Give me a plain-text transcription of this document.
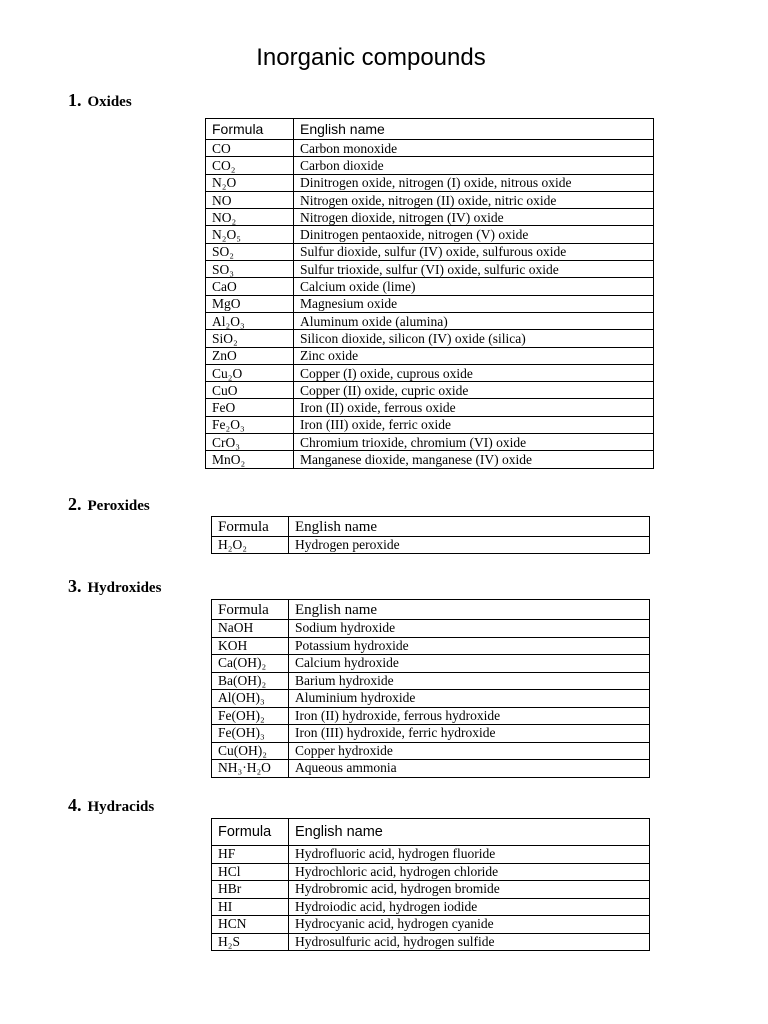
Inorganic compounds
1. Oxides
Formula	English name
CO	Carbon monoxide
CO₂	Carbon dioxide
N₂O	Dinitrogen oxide, nitrogen (I) oxide, nitrous oxide
NO	Nitrogen oxide, nitrogen (II) oxide, nitric oxide
NO₂	Nitrogen dioxide, nitrogen (IV) oxide
N₂O₅	Dinitrogen pentaoxide, nitrogen (V) oxide
SO₂	Sulfur dioxide, sulfur (IV) oxide, sulfurous oxide
SO₃	Sulfur trioxide, sulfur (VI) oxide, sulfuric oxide
CaO	Calcium oxide (lime)
MgO	Magnesium oxide
Al₂O₃	Aluminum oxide (alumina)
SiO₂	Silicon dioxide, silicon (IV) oxide (silica)
ZnO	Zinc oxide
Cu₂O	Copper (I) oxide, cuprous oxide
CuO	Copper (II) oxide, cupric oxide
FeO	Iron (II) oxide, ferrous oxide
Fe₂O₃	Iron (III) oxide, ferric oxide
CrO₃	Chromium trioxide, chromium (VI) oxide
MnO₂	Manganese dioxide, manganese (IV) oxide
2. Peroxides
Formula	English name
H₂O₂	Hydrogen peroxide
3. Hydroxides
Formula	English name
NaOH	Sodium hydroxide
KOH	Potassium hydroxide
Ca(OH)₂	Calcium hydroxide
Ba(OH)₂	Barium hydroxide
Al(OH)₃	Aluminium hydroxide
Fe(OH)₂	Iron (II) hydroxide, ferrous hydroxide
Fe(OH)₃	Iron (III) hydroxide, ferric hydroxide
Cu(OH)₂	Copper hydroxide
NH₃·H₂O	Aqueous ammonia
4. Hydracids
Formula	English name
HF	Hydrofluoric acid, hydrogen fluoride
HCl	Hydrochloric acid, hydrogen chloride
HBr	Hydrobromic acid, hydrogen bromide
HI	Hydroiodic acid, hydrogen iodide
HCN	Hydrocyanic acid, hydrogen cyanide
H₂S	Hydrosulfuric acid, hydrogen sulfide
